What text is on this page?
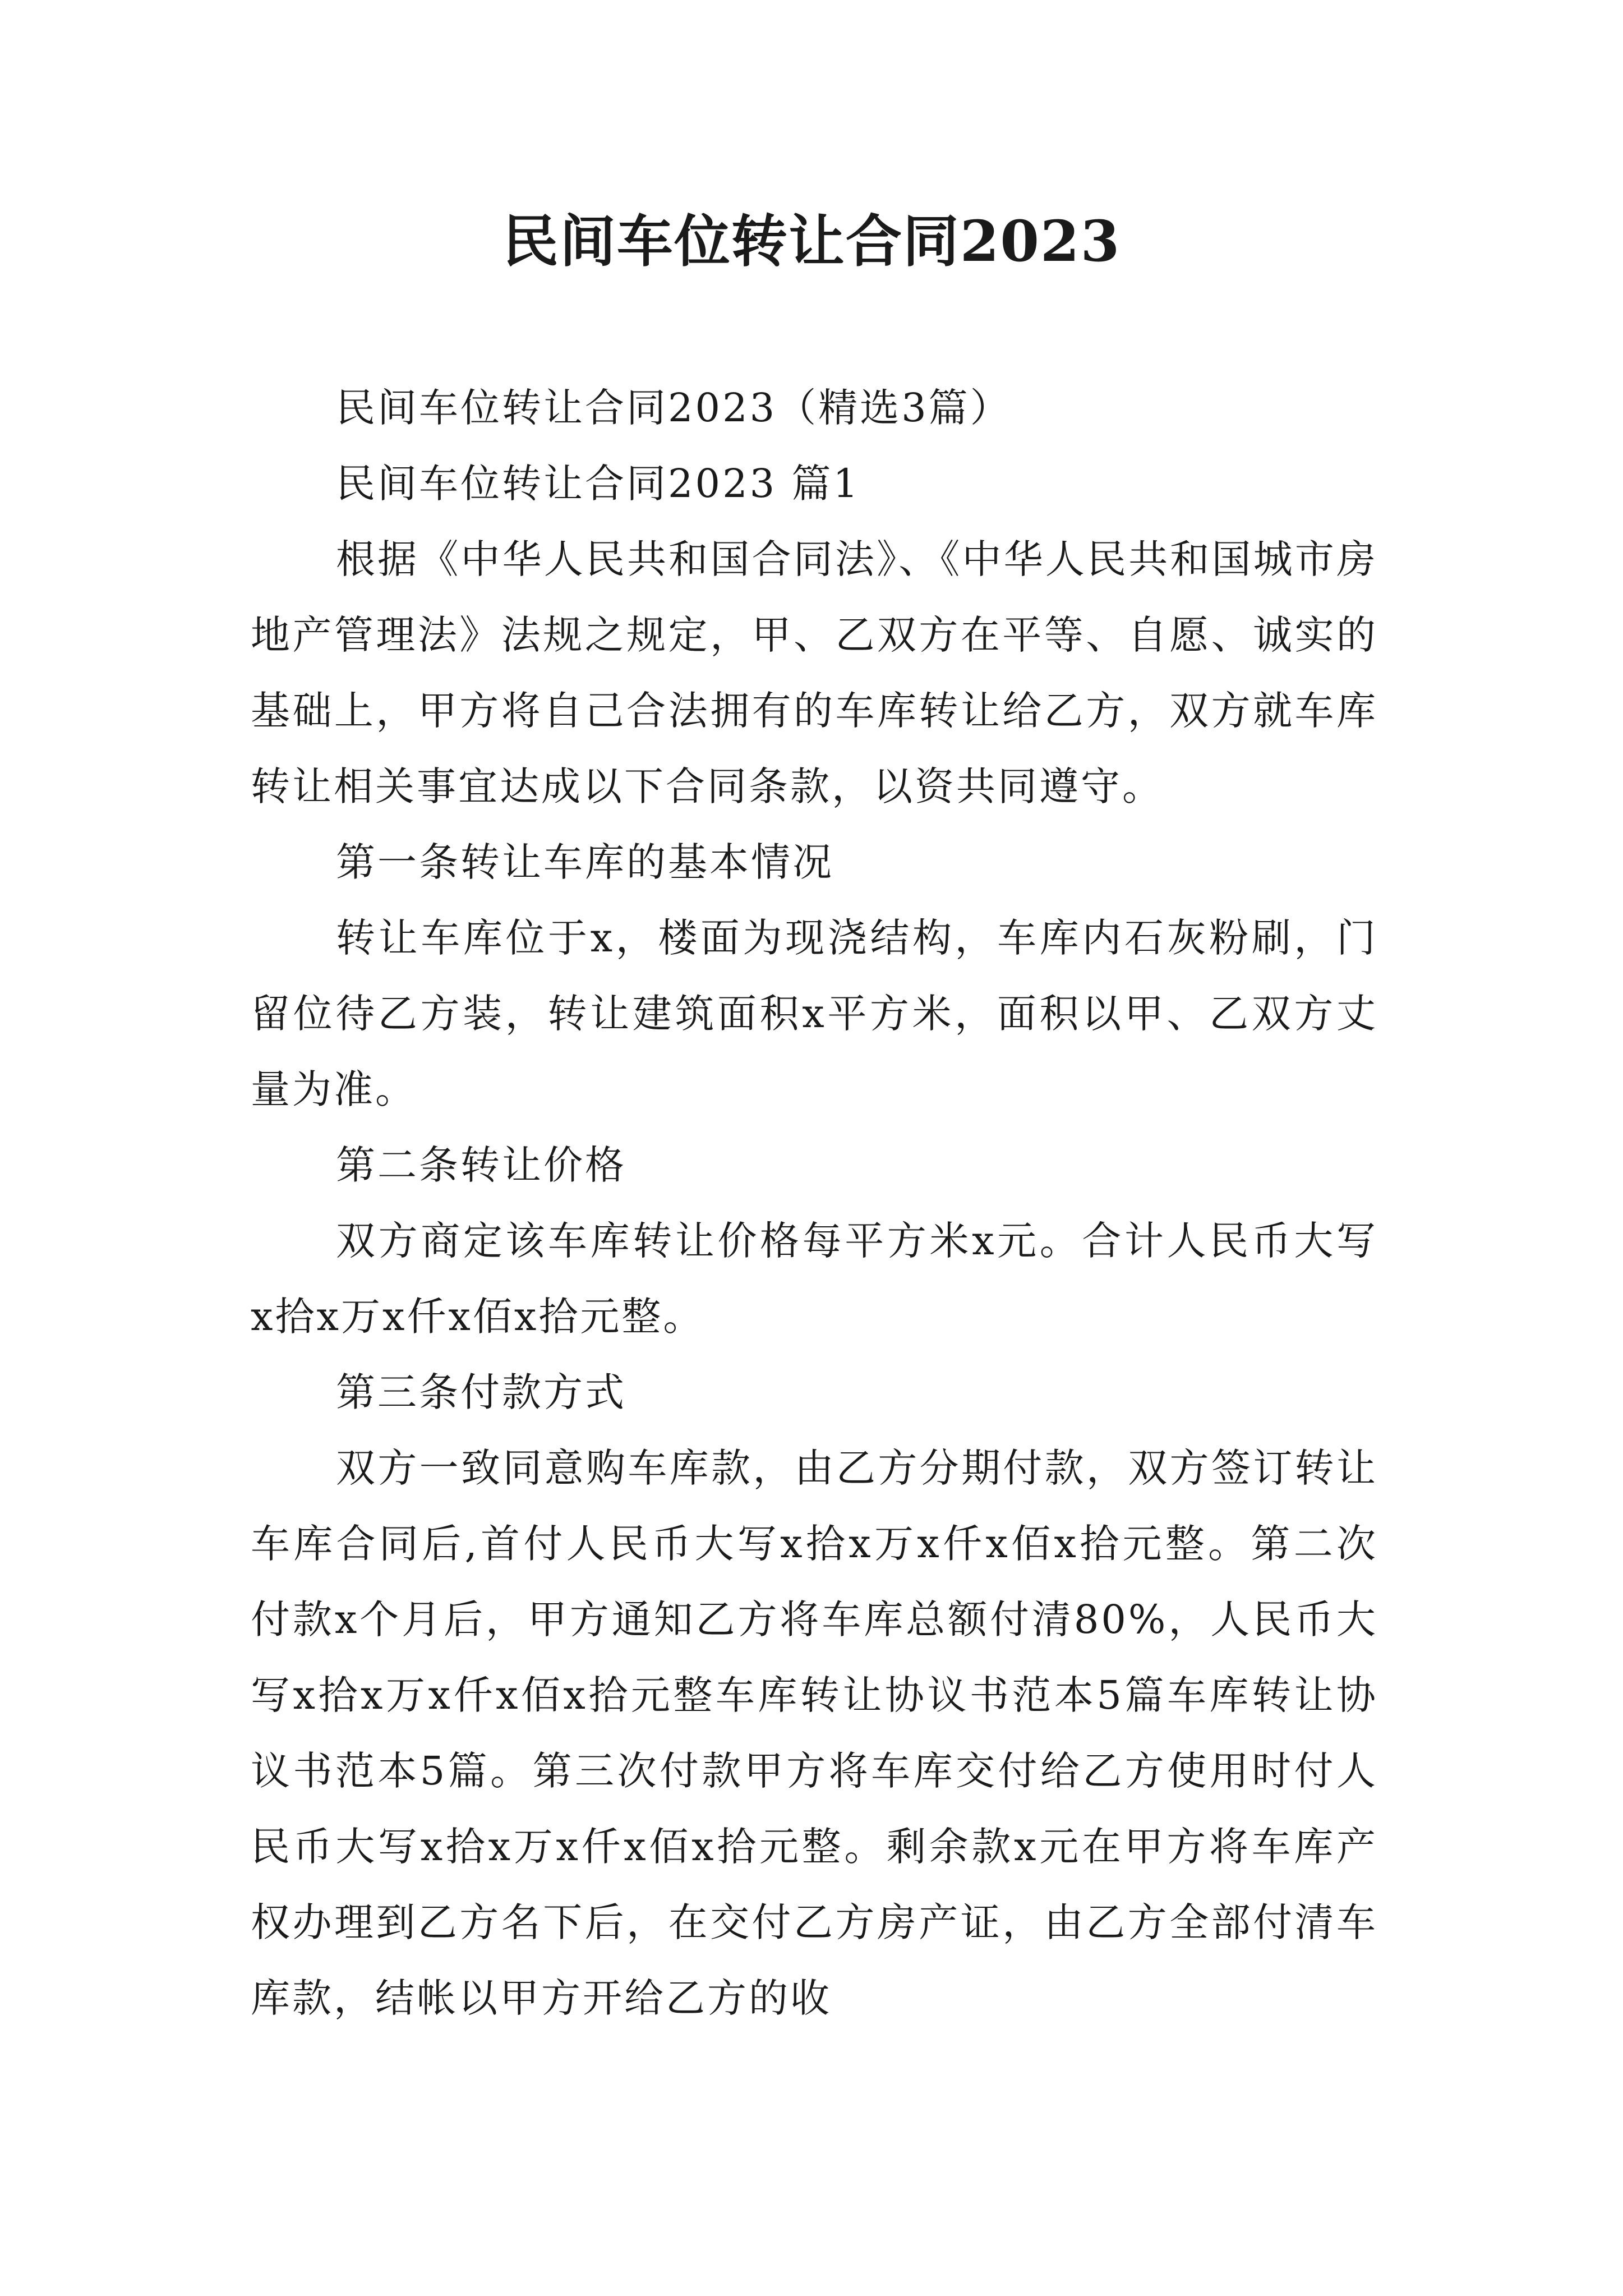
民间车位转让合同2023

民间车位转让合同2023（精选3篇）

民间车位转让合同2023 篇1

根据《中华人民共和国合同法》、《中华人民共和国城市房地产管理法》法规之规定，甲、乙双方在平等、自愿、诚实的基础上，甲方将自己合法拥有的车库转让给乙方，双方就车库转让相关事宜达成以下合同条款，以资共同遵守。

第一条转让车库的基本情况

转让车库位于x，楼面为现浇结构，车库内石灰粉刷，门留位待乙方装，转让建筑面积x平方米，面积以甲、乙双方丈量为准。

第二条转让价格

双方商定该车库转让价格每平方米x元。合计人民币大写x拾x万x仟x佰x拾元整。

第三条付款方式

双方一致同意购车库款，由乙方分期付款，双方签订转让车库合同后,首付人民币大写x拾x万x仟x佰x拾元整。第二次付款x个月后，甲方通知乙方将车库总额付清80%，人民币大写x拾x万x仟x佰x拾元整车库转让协议书范本5篇车库转让协议书范本5篇。第三次付款甲方将车库交付给乙方使用时付人民币大写x拾x万x仟x佰x拾元整。剩余款x元在甲方将车库产权办理到乙方名下后，在交付乙方房产证，由乙方全部付清车库款，结帐以甲方开给乙方的收
